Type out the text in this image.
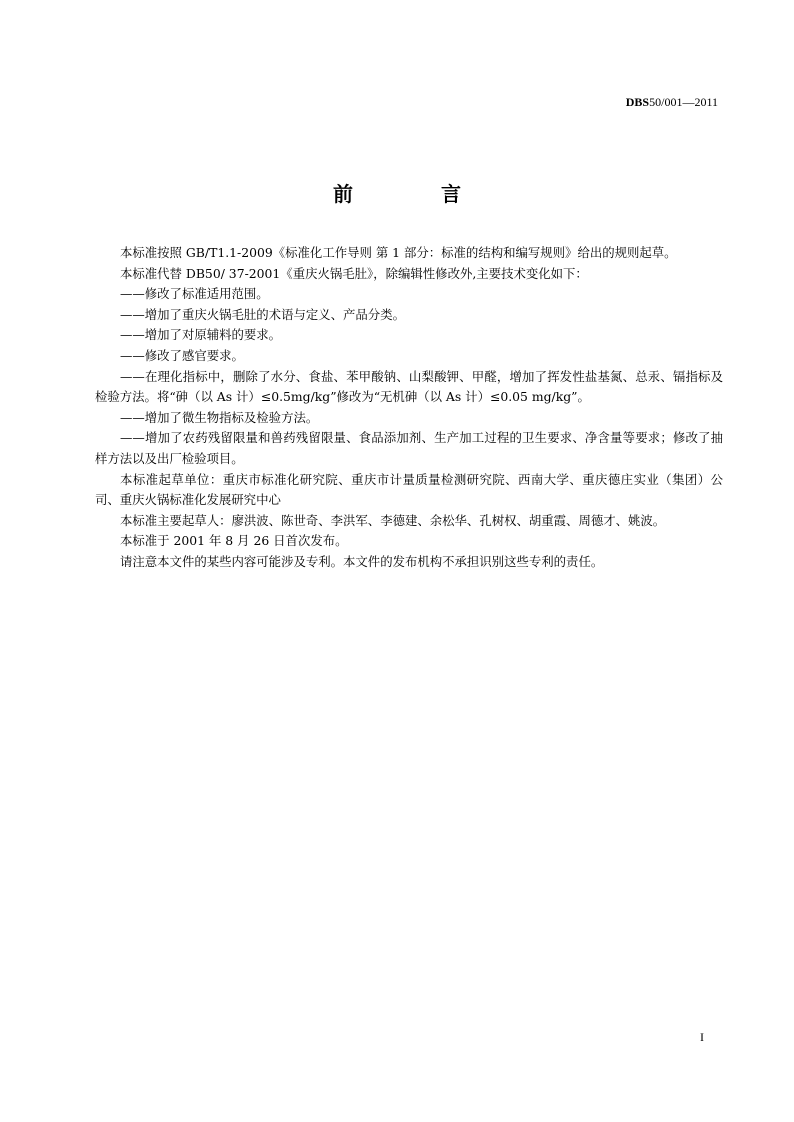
DBS50/001—2011
前言

本标准按照 GB/T1.1-2009《标准化工作导则 第 1 部分：标准的结构和编写规则》给出的规则起草。

本标准代替 DB50/ 37-2001《重庆火锅毛肚》，除编辑性修改外,主要技术变化如下：

——修改了标准适用范围。

——增加了重庆火锅毛肚的术语与定义、产品分类。

——增加了对原辅料的要求。

——修改了感官要求。

——在理化指标中，删除了水分、食盐、苯甲酸钠、山梨酸钾、甲醛，增加了挥发性盐基氮、总汞、镉指标及检验方法。将“砷（以 As 计）≤0.5mg/kg”修改为“无机砷（以 As 计）≤0.05 mg/kg”。

——增加了微生物指标及检验方法。

——增加了农药残留限量和兽药残留限量、食品添加剂、生产加工过程的卫生要求、净含量等要求；修改了抽样方法以及出厂检验项目。

本标准起草单位：重庆市标准化研究院、重庆市计量质量检测研究院、西南大学、重庆德庄实业（集团）公司、重庆火锅标准化发展研究中心

本标准主要起草人：廖洪波、陈世奇、李洪军、李德建、余松华、孔树权、胡重霞、周德才、姚波。

本标准于 2001 年 8 月 26 日首次发布。

请注意本文件的某些内容可能涉及专利。本文件的发布机构不承担识别这些专利的责任。

I
